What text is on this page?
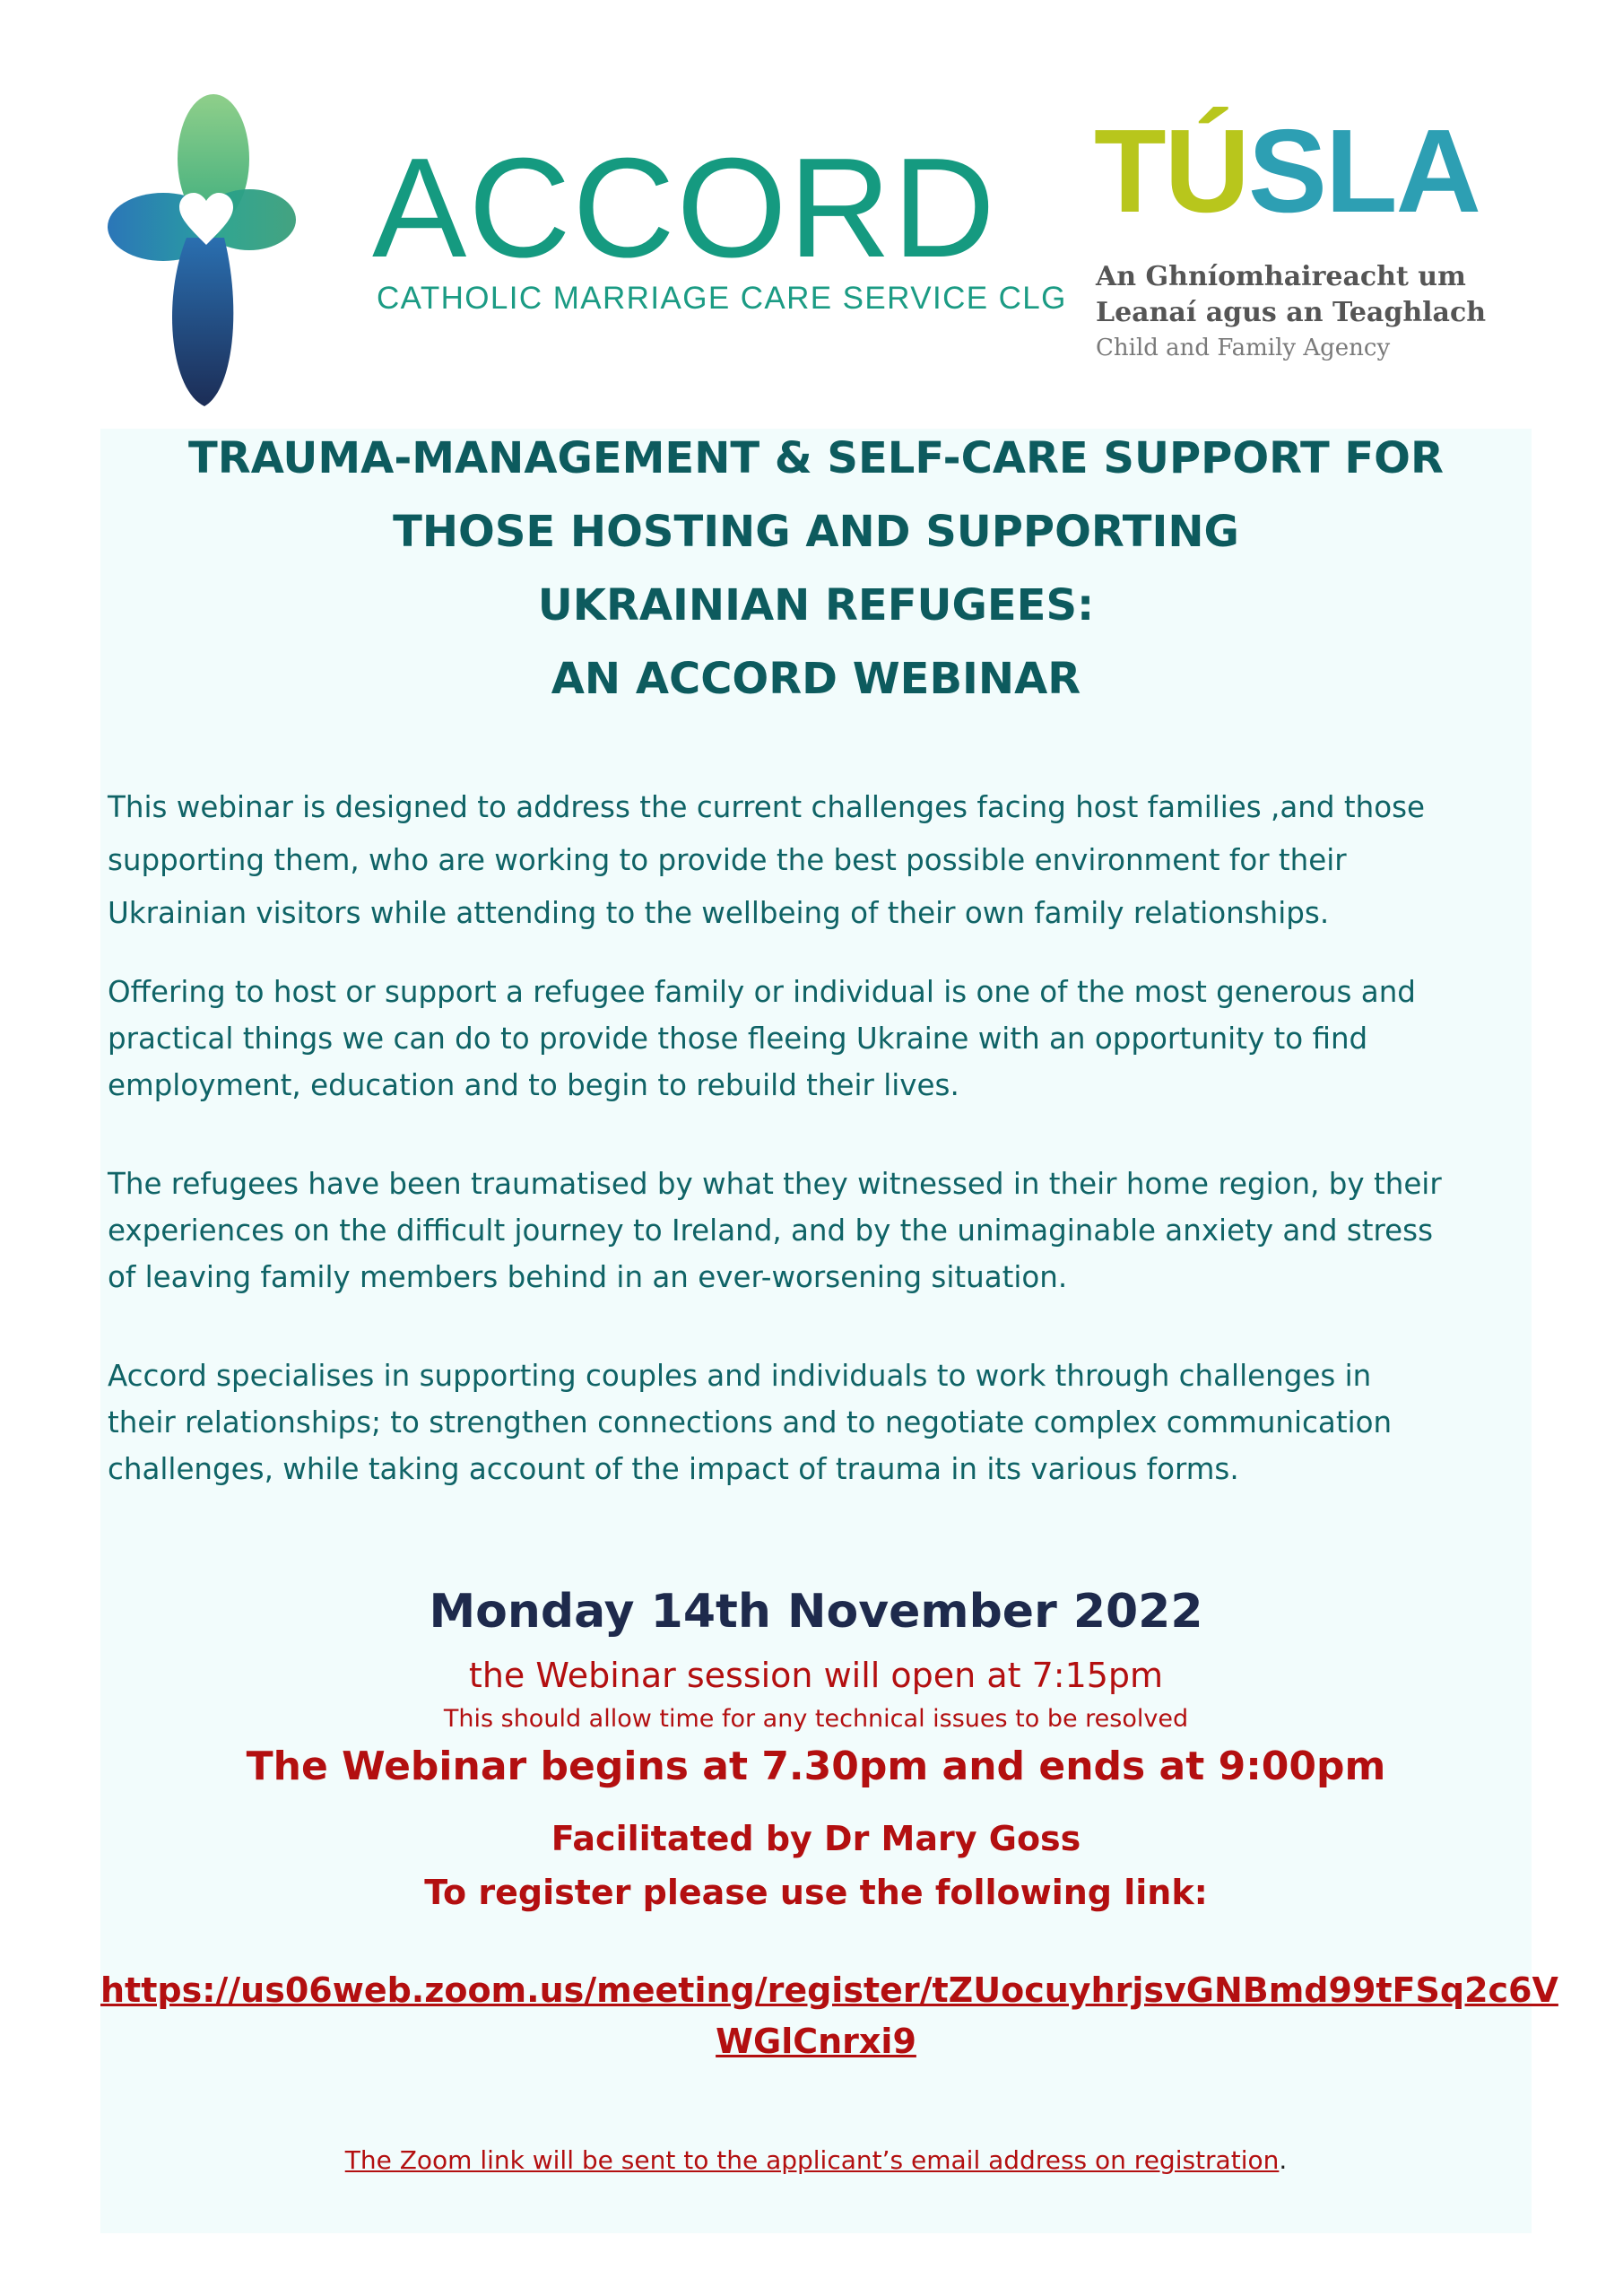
ACCORD
CATHOLIC MARRIAGE CARE SERVICE CLG
TÚSLA
An Ghníomhaireacht um
Leanaí agus an Teaghlach
Child and Family Agency
TRAUMA-MANAGEMENT & SELF-CARE SUPPORT FOR
THOSE HOSTING AND SUPPORTING
UKRAINIAN REFUGEES:
AN ACCORD WEBINAR
This webinar is designed to address the current challenges facing host families ,and those
supporting them, who are working to provide the best possible environment for their
Ukrainian visitors while attending to the wellbeing of their own family relationships.
Offering to host or support a refugee family or individual is one of the most generous and
practical things we can do to provide those fleeing Ukraine with an opportunity to find
employment, education and to begin to rebuild their lives.
The refugees have been traumatised by what they witnessed in their home region, by their
experiences on the difficult journey to Ireland, and by the unimaginable anxiety and stress
of leaving family members behind in an ever-worsening situation.
Accord specialises in supporting couples and individuals to work through challenges in
their relationships; to strengthen connections and to negotiate complex communication
challenges, while taking account of the impact of trauma in its various forms.
Monday 14th November 2022
the Webinar session will open at 7:15pm
This should allow time for any technical issues to be resolved
The Webinar begins at 7.30pm and ends at 9:00pm
Facilitated by Dr Mary Goss
To register please use the following link:
https://us06web.zoom.us/meeting/register/tZUocuyhrjsvGNBmd99tFSq2c6V
WGlCnrxi9
The Zoom link will be sent to the applicant’s email address on registration.
